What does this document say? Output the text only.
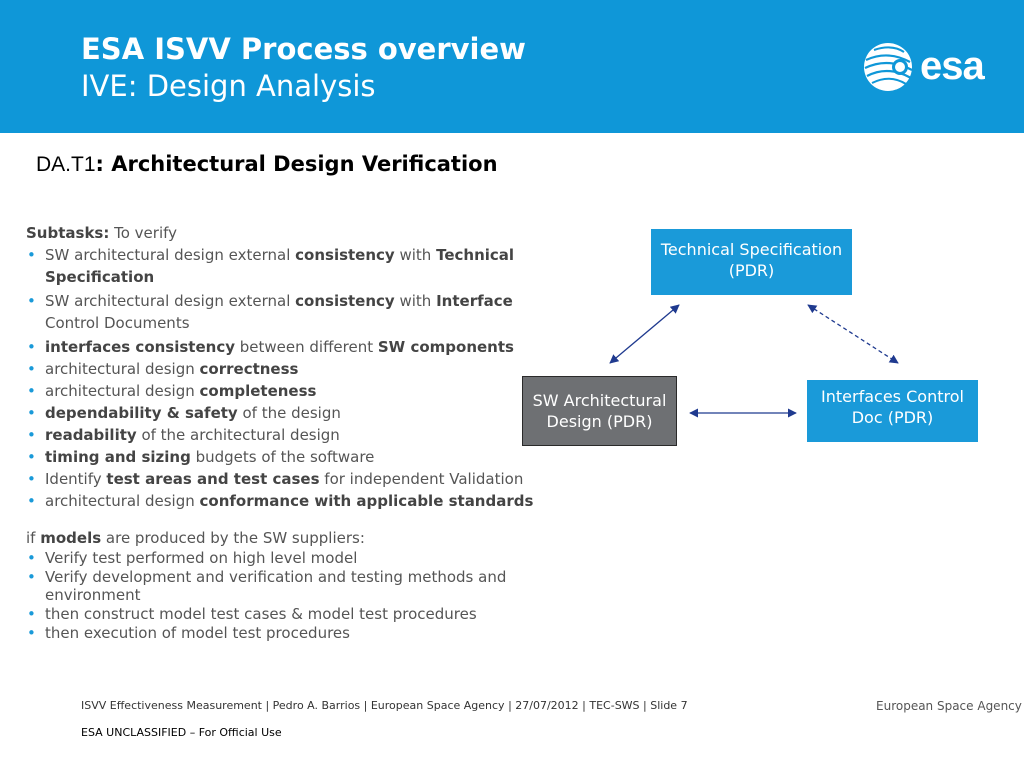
ESA ISVV Process overview
IVE: Design Analysis	esa
DA.T1: Architectural Design Verification
Subtasks: To verify
• SW architectural design external consistency with Technical Specification
• SW architectural design external consistency with Interface Control Documents
• interfaces consistency between different SW components
• architectural design correctness
• architectural design completeness
• dependability & safety of the design
• readability of the architectural design
• timing and sizing budgets of the software
• Identify test areas and test cases for independent Validation
• architectural design conformance with applicable standards
if models are produced by the SW suppliers:
• Verify test performed on high level model
• Verify development and verification and testing methods and environment
• then construct model test cases & model test procedures
• then execution of model test procedures
Technical Specification (PDR)
SW Architectural Design (PDR)
Interfaces Control Doc (PDR)
ISVV Effectiveness Measurement | Pedro A. Barrios | European Space Agency | 27/07/2012 | TEC-SWS | Slide 7	European Space Agency
ESA UNCLASSIFIED – For Official Use
